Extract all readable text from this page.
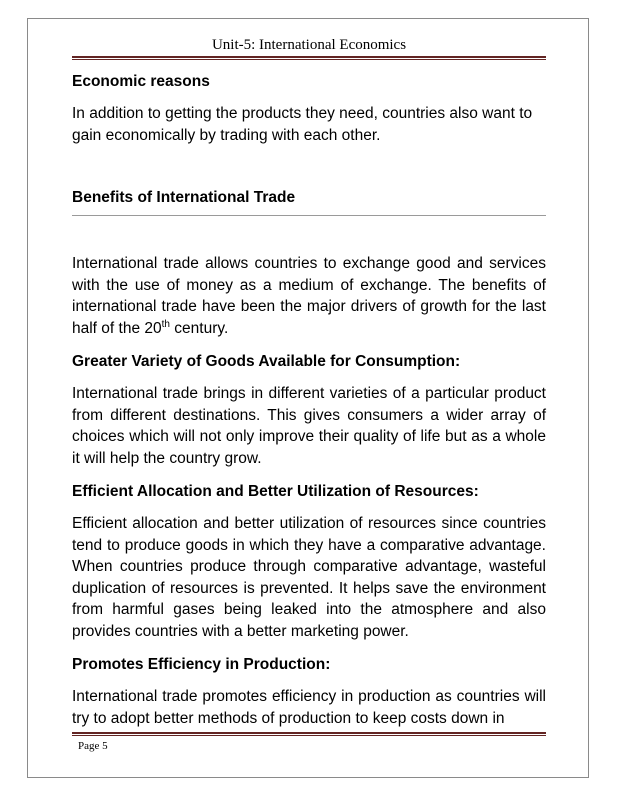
Unit-5: International Economics
Economic reasons

In addition to getting the products they need, countries also want to gain economically by trading with each other.

Benefits of International Trade

International trade allows countries to exchange good and services with the use of money as a medium of exchange. The benefits of international trade have been the major drivers of growth for the last half of the 20th century.

Greater Variety of Goods Available for Consumption:

International trade brings in different varieties of a particular product from different destinations. This gives consumers a wider array of choices which will not only improve their quality of life but as a whole it will help the country grow.

Efficient Allocation and Better Utilization of Resources:

Efficient allocation and better utilization of resources since countries tend to produce goods in which they have a comparative advantage. When countries produce through comparative advantage, wasteful duplication of resources is prevented. It helps save the environment from harmful gases being leaked into the atmosphere and also provides countries with a better marketing power.

Promotes Efficiency in Production:

International trade promotes efficiency in production as countries will try to adopt better methods of production to keep costs down in

Page 5
